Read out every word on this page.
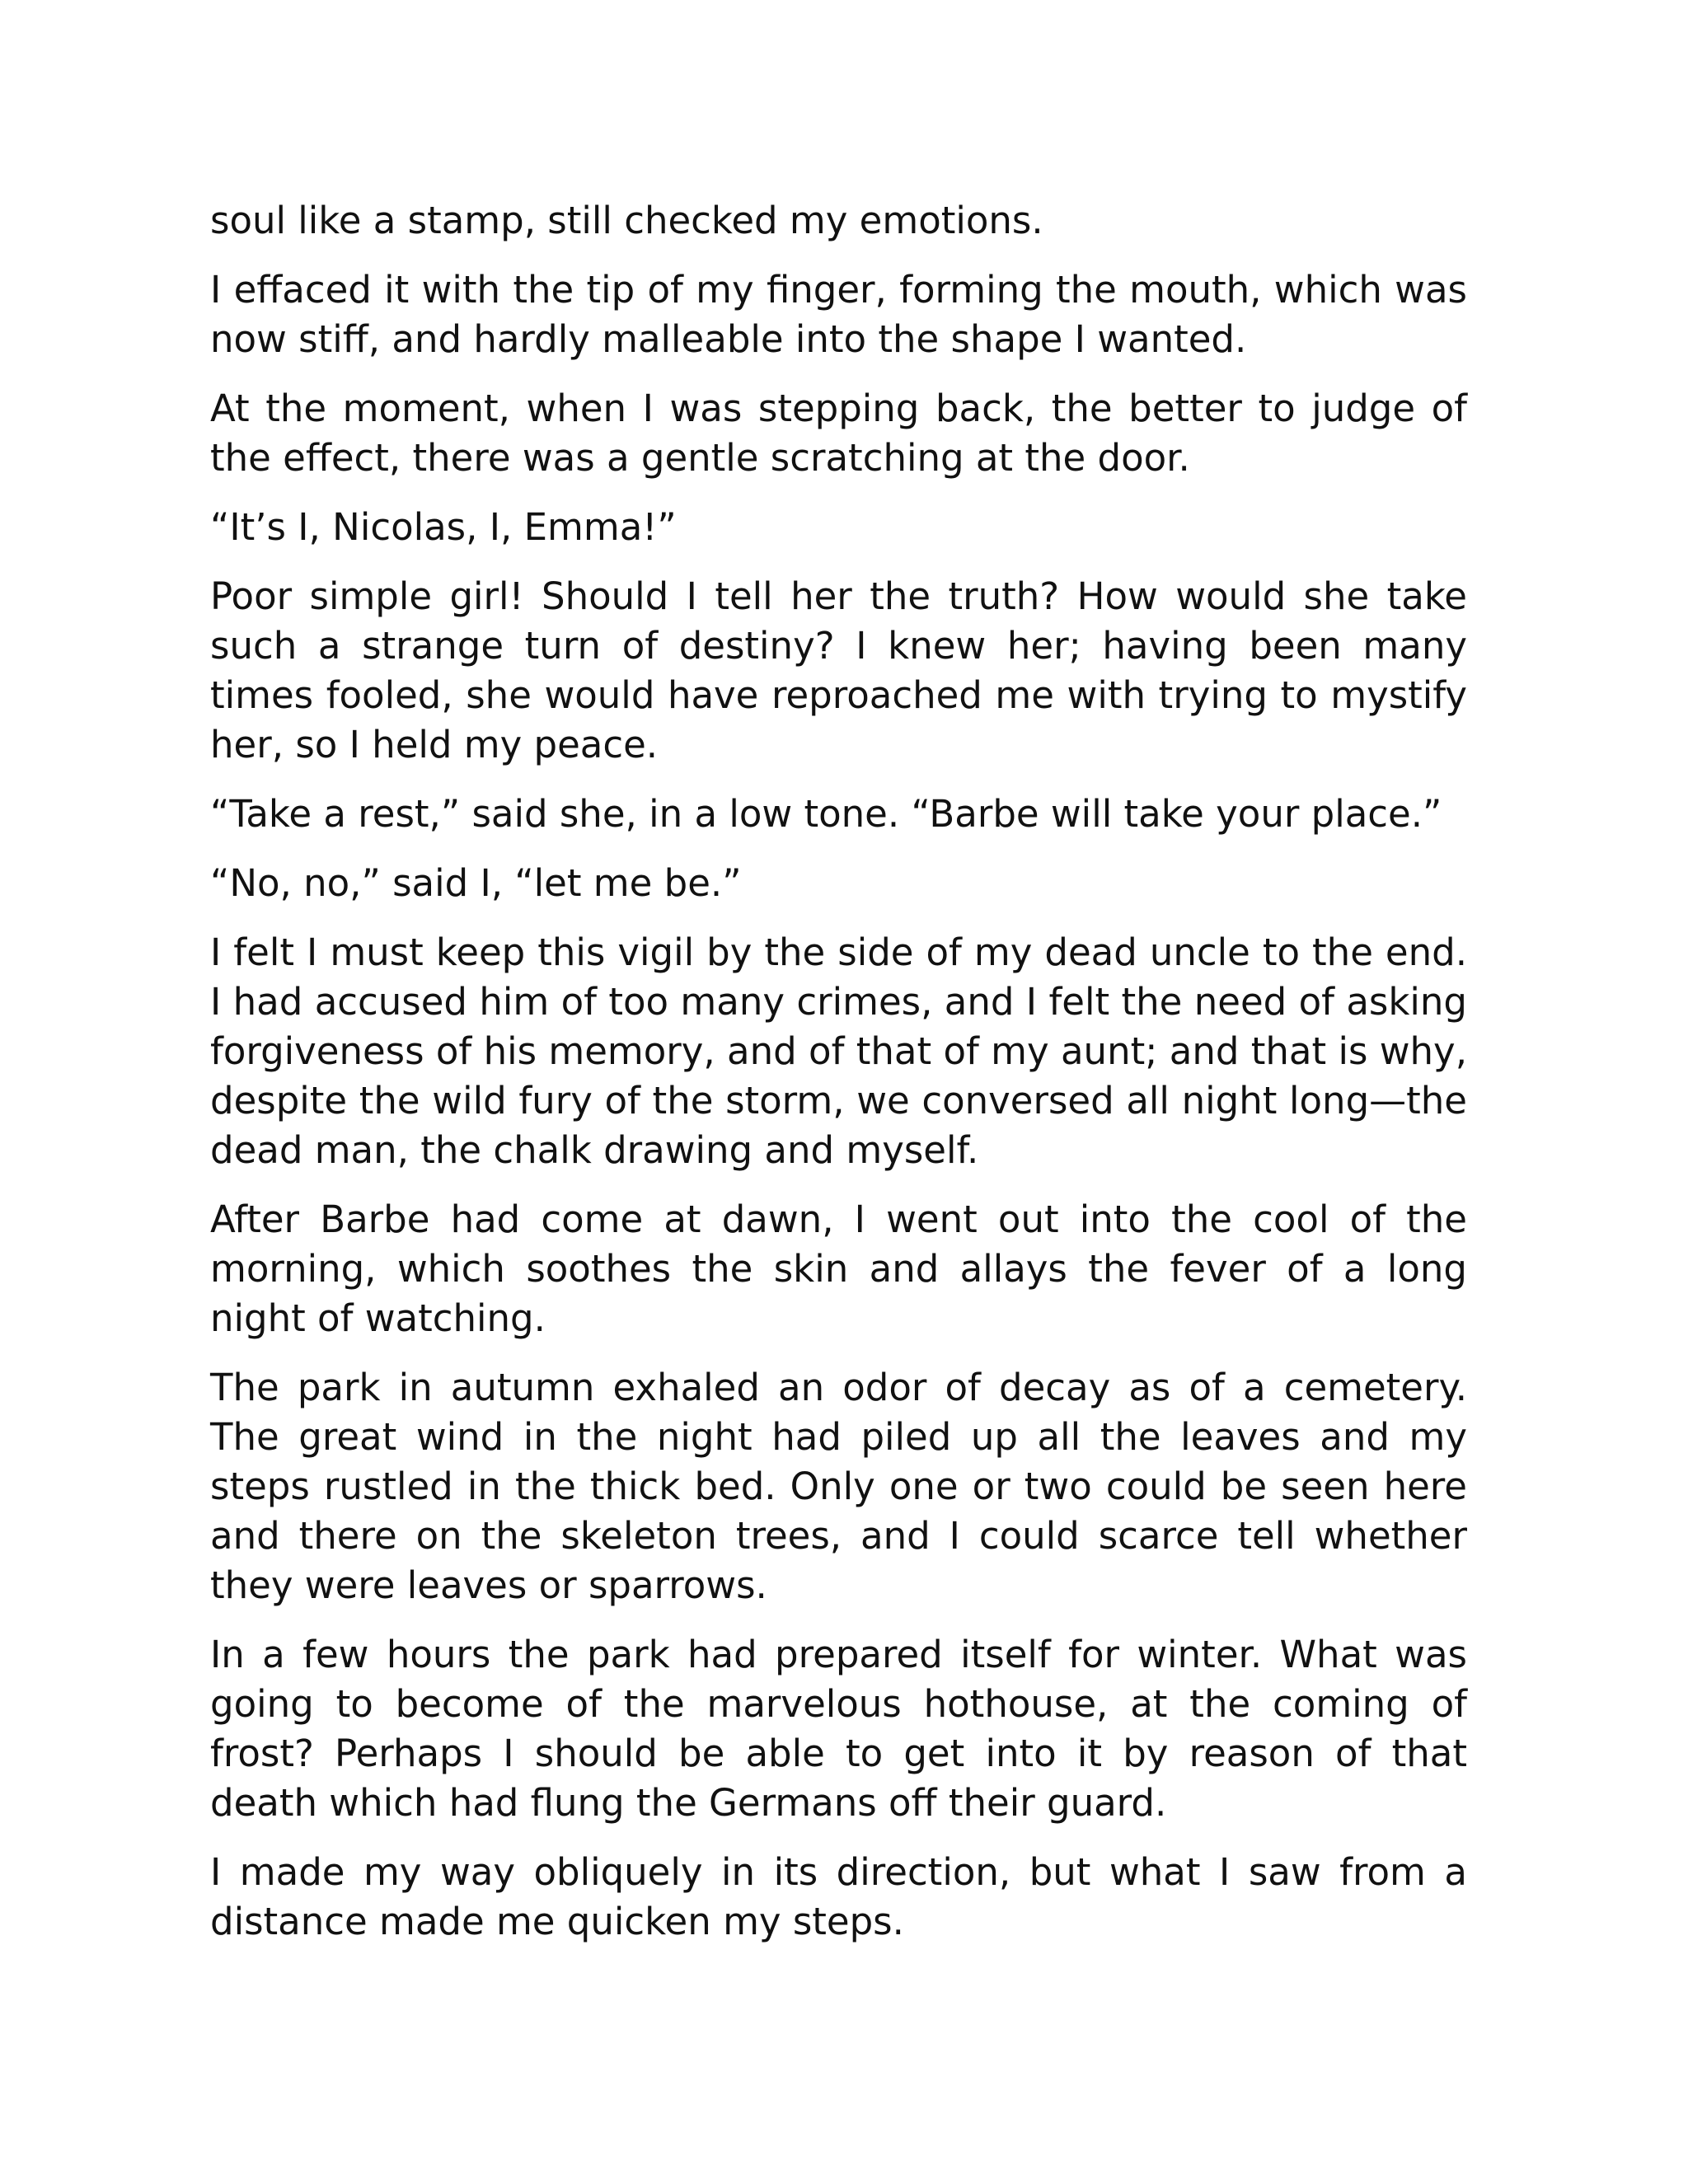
soul like a stamp, still checked my emotions.

I effaced it with the tip of my finger, forming the mouth, which was now stiff, and hardly malleable into the shape I wanted.

At the moment, when I was stepping back, the better to judge of the effect, there was a gentle scratching at the door.

“It’s I, Nicolas, I, Emma!”

Poor simple girl! Should I tell her the truth? How would she take such a strange turn of destiny? I knew her; having been many times fooled, she would have reproached me with trying to mystify her, so I held my peace.

“Take a rest,” said she, in a low tone. “Barbe will take your place.”

“No, no,” said I, “let me be.”

I felt I must keep this vigil by the side of my dead uncle to the end. I had accused him of too many crimes, and I felt the need of asking forgiveness of his memory, and of that of my aunt; and that is why, despite the wild fury of the storm, we conversed all night long—the dead man, the chalk drawing and myself.

After Barbe had come at dawn, I went out into the cool of the morning, which soothes the skin and allays the fever of a long night of watching.

The park in autumn exhaled an odor of decay as of a cemetery. The great wind in the night had piled up all the leaves and my steps rustled in the thick bed. Only one or two could be seen here and there on the skeleton trees, and I could scarce tell whether they were leaves or sparrows.

In a few hours the park had prepared itself for winter. What was going to become of the marvelous hothouse, at the coming of frost? Perhaps I should be able to get into it by reason of that death which had flung the Germans off their guard.

I made my way obliquely in its direction, but what I saw from a distance made me quicken my steps.
